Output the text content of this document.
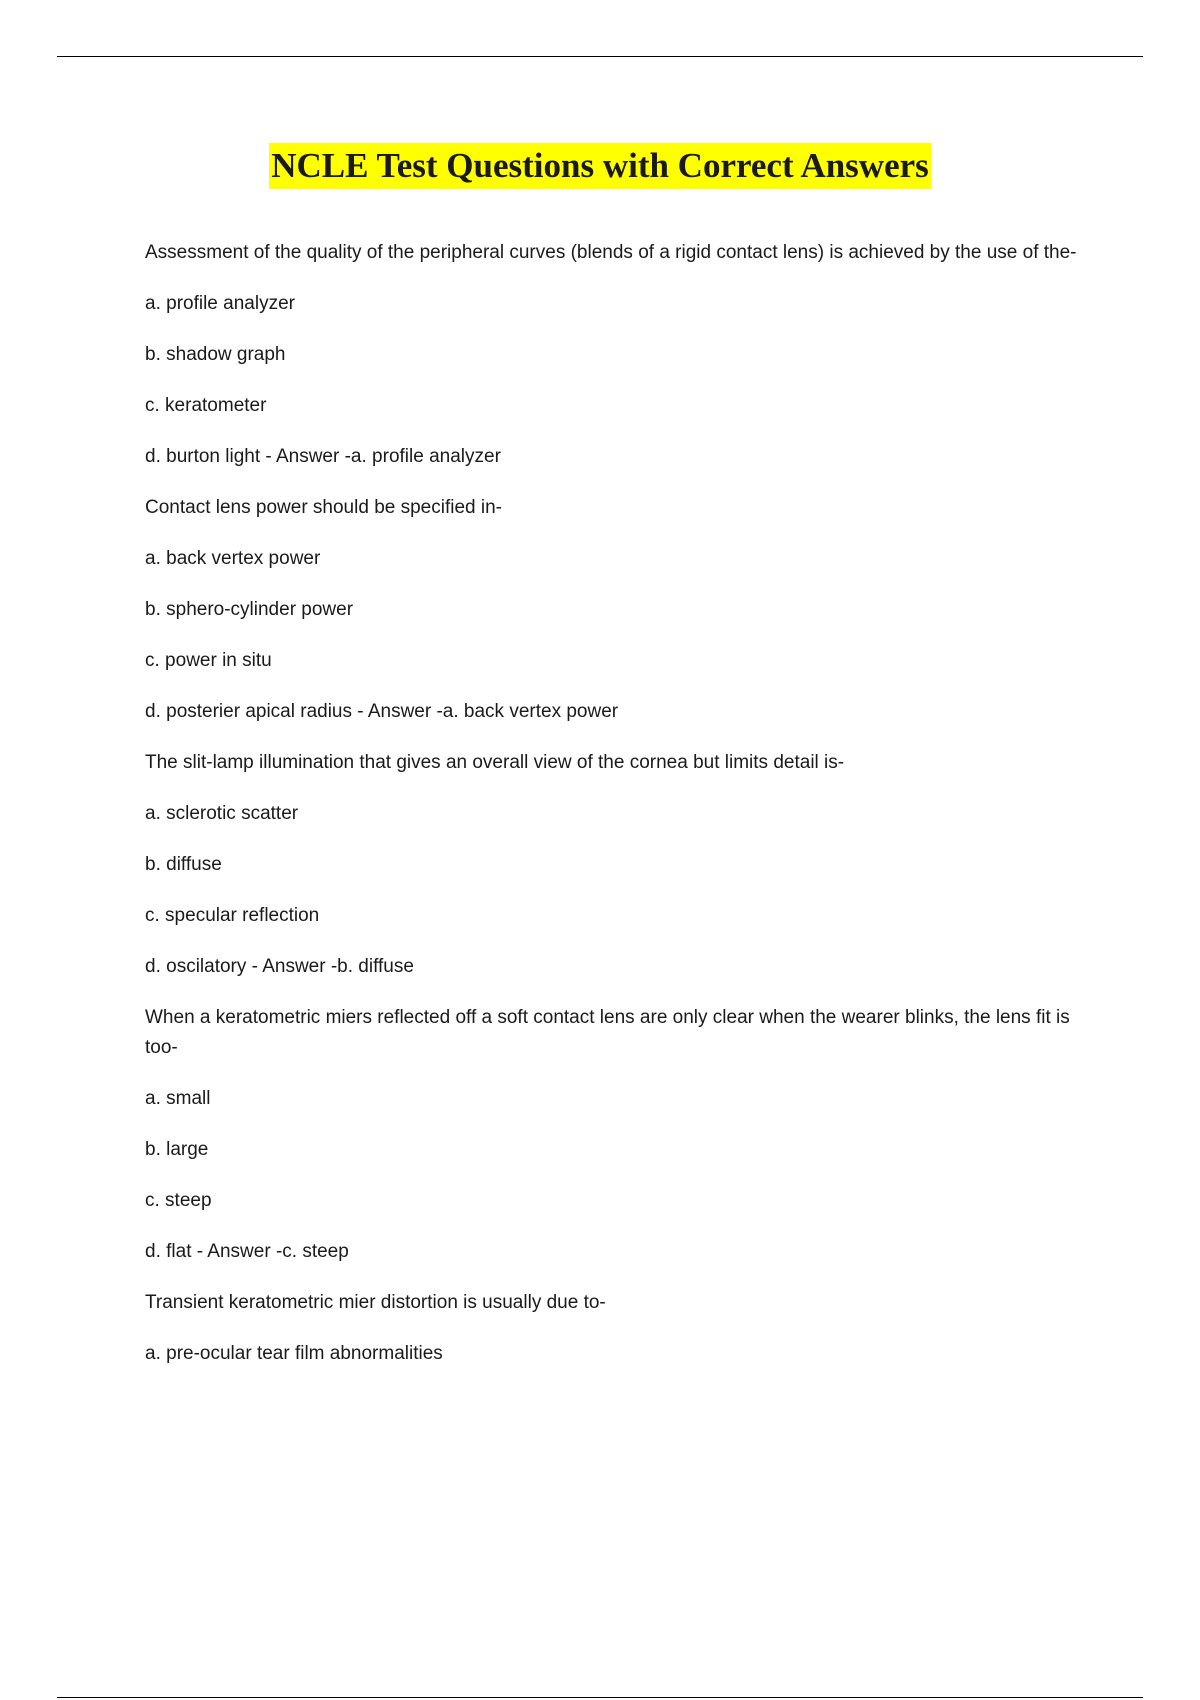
NCLE Test Questions with Correct Answers

Assessment of the quality of the peripheral curves (blends of a rigid contact lens) is achieved by the use of the-

a. profile analyzer

b. shadow graph

c. keratometer

d. burton light - Answer -a. profile analyzer

Contact lens power should be specified in-

a. back vertex power

b. sphero-cylinder power

c. power in situ

d. posterier apical radius - Answer -a. back vertex power

The slit-lamp illumination that gives an overall view of the cornea but limits detail is-

a. sclerotic scatter

b. diffuse

c. specular reflection

d. oscilatory - Answer -b. diffuse

When a keratometric miers reflected off a soft contact lens are only clear when the wearer blinks, the lens fit is too-

a. small

b. large

c. steep

d. flat - Answer -c. steep

Transient keratometric mier distortion is usually due to-

a. pre-ocular tear film abnormalities
